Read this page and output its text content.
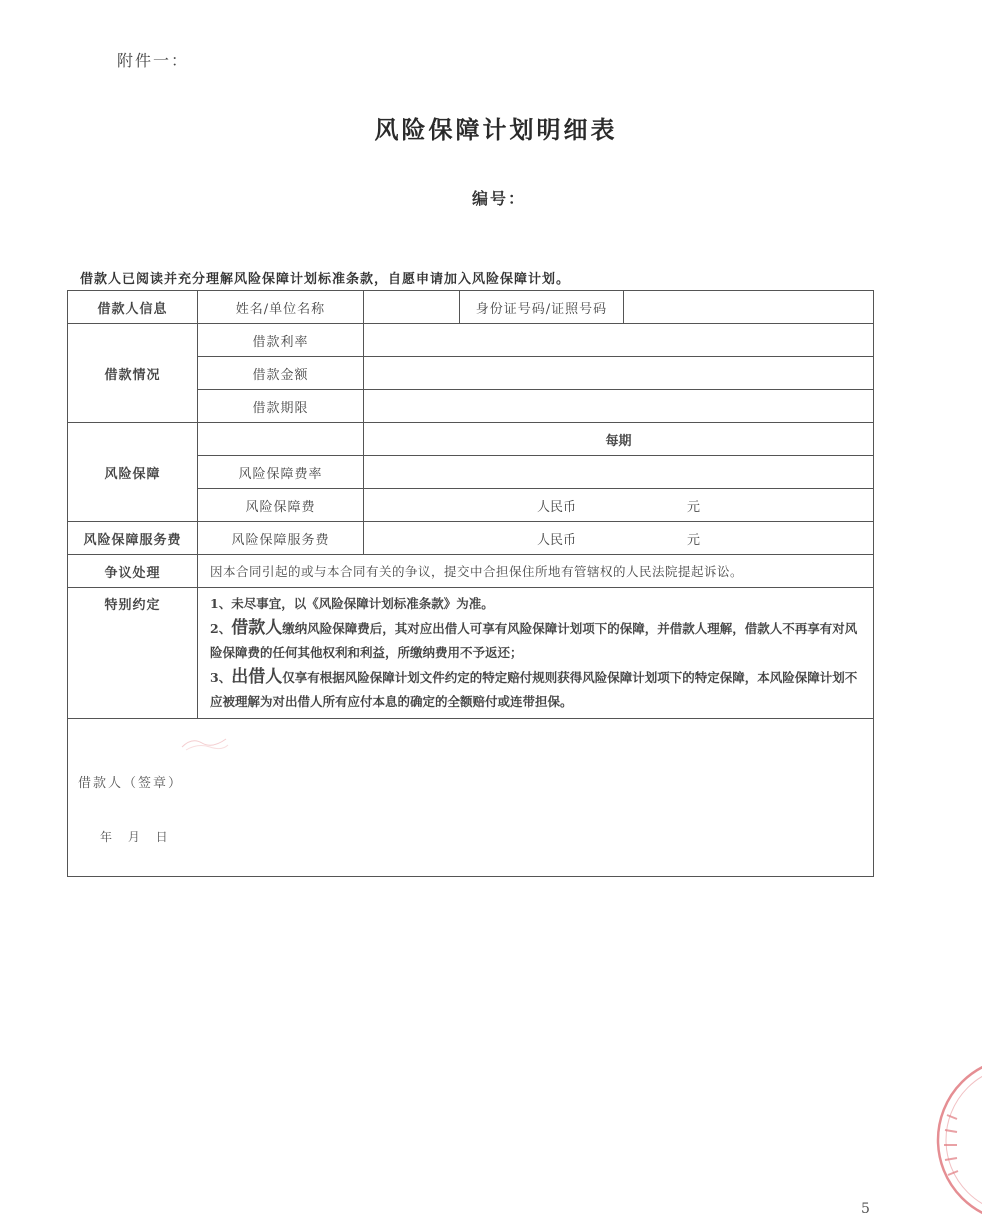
附件一：
风险保障计划明细表
编号：
借款人已阅读并充分理解风险保障计划标准条款，自愿申请加入风险保障计划。
借款人信息	姓名/单位名称		身份证号码/证照号码	
借款情况	借款利率			
	借款金额			
	借款期限			
风险保障		每期		
	风险保障费率			
	风险保障费	人民币 元		
风险保障服务费	风险保障服务费	人民币 元		
争议处理	因本合同引起的或与本合同有关的争议，提交中合担保住所地有管辖权的人民法院提起诉讼。			
特别约定	1、未尽事宜，以《风险保障计划标准条款》为准。

2、借款人缴纳风险保障费后，其对应出借人可享有风险保障计划项下的保障，并借款人理解，借款人不再享有对风险保障费的任何其他权利和利益，所缴纳费用不予返还；

3、出借人仅享有根据风险保障计划文件约定的特定赔付规则获得风险保障计划项下的特定保障，本风险保障计划不应被理解为对出借人所有应付本息的确定的全额赔付或连带担保。			

借款人（签章）
年 月 日				
5
